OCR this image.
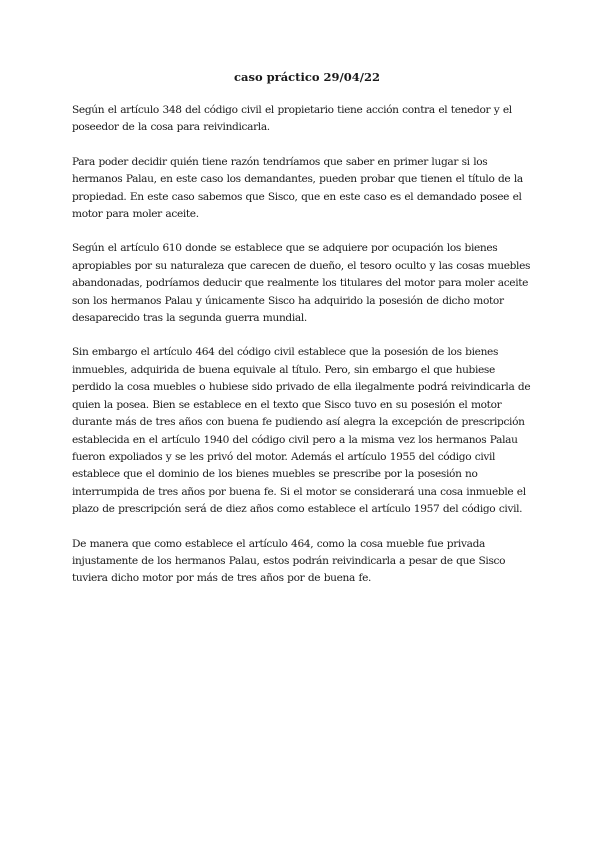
caso práctico 29/04/22

Según el artículo 348 del código civil el propietario tiene acción contra el tenedor y el poseedor de la cosa para reivindicarla.

Para poder decidir quién tiene razón tendríamos que saber en primer lugar si los hermanos Palau, en este caso los demandantes, pueden probar que tienen el título de la propiedad. En este caso sabemos que Sisco, que en este caso es el demandado posee el motor para moler aceite.

Según el artículo 610 donde se establece que se adquiere por ocupación los bienes apropiables por su naturaleza que carecen de dueño, el tesoro oculto y las cosas muebles abandonadas, podríamos deducir que realmente los titulares del motor para moler aceite son los hermanos Palau y únicamente Sisco ha adquirido la posesión de dicho motor desaparecido tras la segunda guerra mundial.

Sin embargo el artículo 464 del código civil establece que la posesión de los bienes inmuebles, adquirida de buena equivale al título. Pero, sin embargo el que hubiese perdido la cosa muebles o hubiese sido privado de ella ilegalmente podrá reivindicarla de quien la posea. Bien se establece en el texto que Sisco tuvo en su posesión el motor durante más de tres años con buena fe pudiendo así alegra la excepción de prescripción establecida en el artículo 1940 del código civil pero a la misma vez los hermanos Palau fueron expoliados y se les privó del motor. Además el artículo 1955 del código civil establece que el dominio de los bienes muebles se prescribe por la posesión no interrumpida de tres años por buena fe. Si el motor se considerará una cosa inmueble el plazo de prescripción será de diez años como establece el artículo 1957 del código civil.

De manera que como establece el artículo 464, como la cosa mueble fue privada injustamente de los hermanos Palau, estos podrán reivindicarla a pesar de que Sisco tuviera dicho motor por más de tres años por de buena fe.
